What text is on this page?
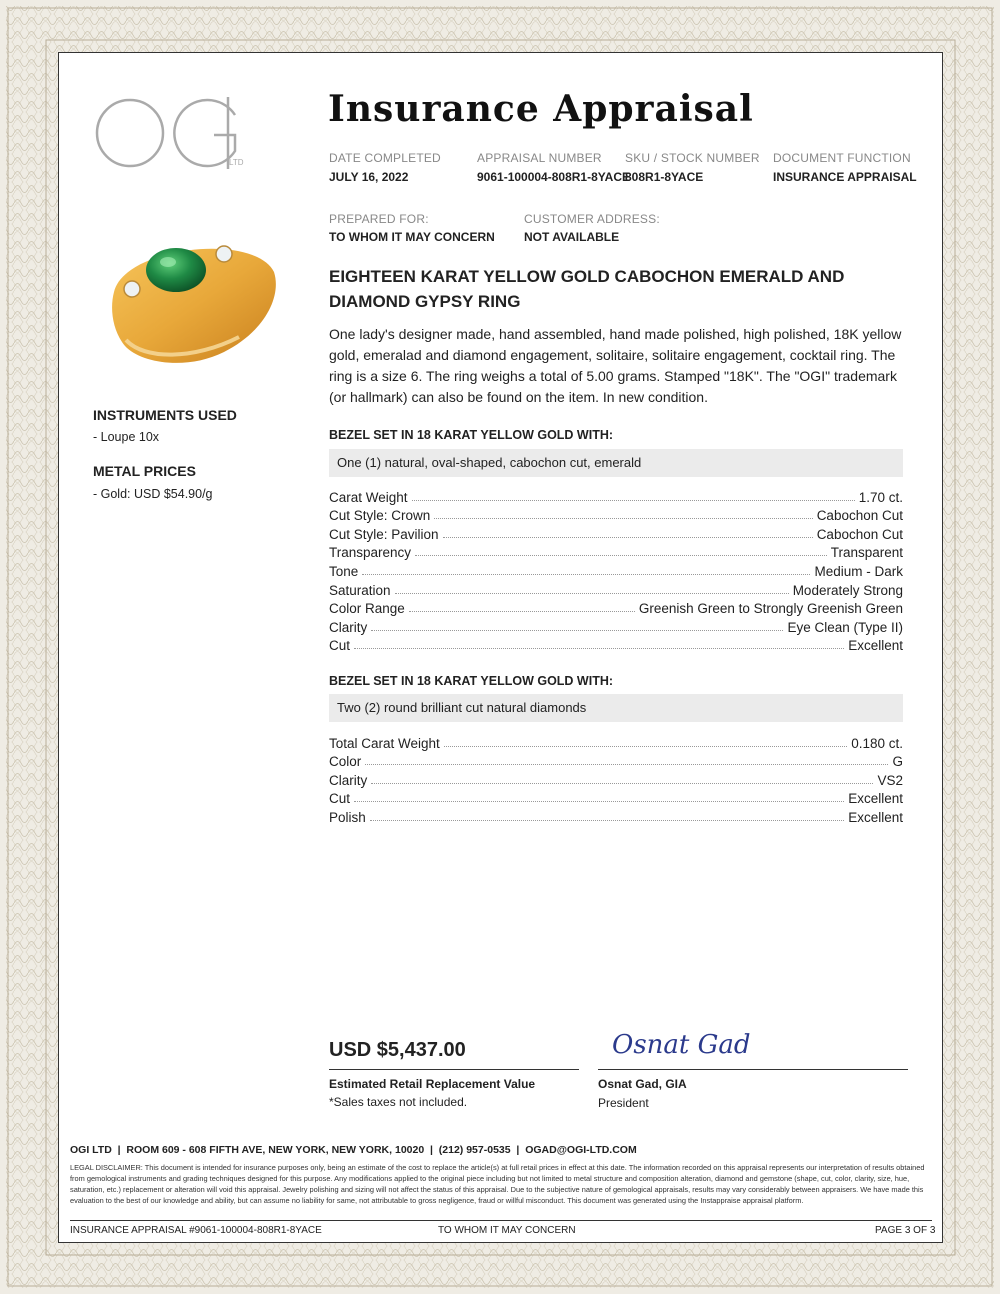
LTD
Insurance Appraisal
DATE COMPLETED
JULY 16, 2022
APPRAISAL NUMBER
9061-100004-808R1-8YACE
SKU / STOCK NUMBER
808R1-8YACE
DOCUMENT FUNCTION
INSURANCE APPRAISAL
PREPARED FOR:
TO WHOM IT MAY CONCERN
CUSTOMER ADDRESS:
NOT AVAILABLE
INSTRUMENTS USED
- Loupe 10x
METAL PRICES
- Gold: USD $54.90/g
EIGHTEEN KARAT YELLOW GOLD CABOCHON EMERALD AND DIAMOND GYPSY RING
One lady's designer made, hand assembled, hand made polished, high polished, 18K yellow gold, emeralad and diamond engagement, solitaire, solitaire engagement, cocktail ring. The ring is a size 6. The ring weighs a total of 5.00 grams. Stamped "18K". The "OGI" trademark (or hallmark) can also be found on the item. In new condition.
BEZEL SET IN 18 KARAT YELLOW GOLD WITH:
One (1) natural, oval-shaped, cabochon cut, emerald
Carat Weight	1.70 ct.
Cut Style: Crown	Cabochon Cut
Cut Style: Pavilion	Cabochon Cut
Transparency	Transparent
Tone	Medium - Dark
Saturation	Moderately Strong
Color Range	Greenish Green to Strongly Greenish Green
Clarity	Eye Clean (Type II)
Cut	Excellent
BEZEL SET IN 18 KARAT YELLOW GOLD WITH:
Two (2) round brilliant cut natural diamonds
Total Carat Weight	0.180 ct.
Color	G
Clarity	VS2
Cut	Excellent
Polish	Excellent
USD $5,437.00
Estimated Retail Replacement Value
*Sales taxes not included.
Osnat Gad
Osnat Gad, GIA
President
OGI LTD  |  ROOM 609 - 608 FIFTH AVE, NEW YORK, NEW YORK, 10020  |  (212) 957-0535  |  OGAD@OGI-LTD.COM
LEGAL DISCLAIMER: This document is intended for insurance purposes only, being an estimate of the cost to replace the article(s) at full retail prices in effect at this date. The information recorded on this appraisal represents our interpretation of results obtained from gemological instruments and grading techniques designed for this purpose. Any modifications applied to the original piece including but not limited to metal structure and composition alteration, diamond and gemstone (shape, cut, color, clarity, size, hue, saturation, etc.) replacement or alteration will void this appraisal. Jewelry polishing and sizing will not affect the status of this appraisal. Due to the subjective nature of gemological appraisals, results may vary considerably between appraisers. We have made this evaluation to the best of our knowledge and ability, but can assume no liability for same, not attributable to gross negligence, fraud or willful misconduct. This document was generated using the Instappraise appraisal platform.
INSURANCE APPRAISAL #9061-100004-808R1-8YACE	TO WHOM IT MAY CONCERN	PAGE 3 OF 3
